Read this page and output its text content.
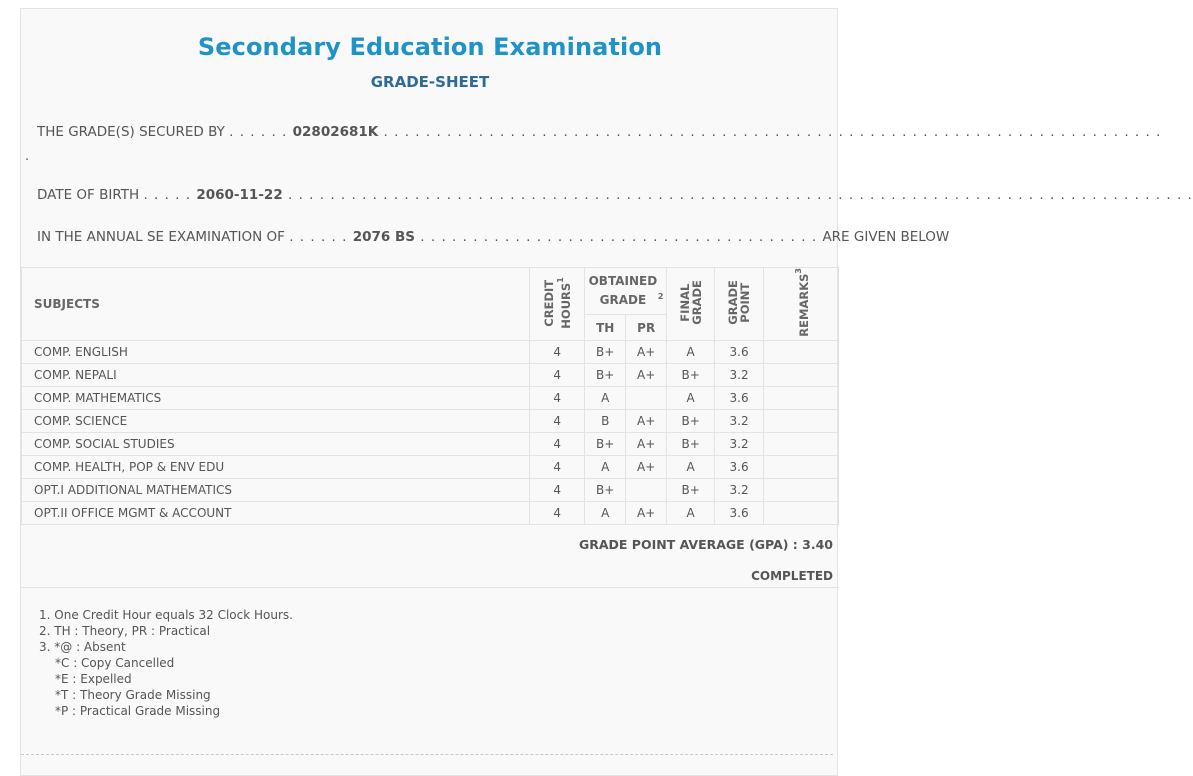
Secondary Education Examination
GRADE-SHEET
THE GRADE(S) SECURED BY . . . . . . 02802681K . . . . . . . . . . . . . . . . . . . . . . . . . . . . . . . . . . . . . . . . . . . . . . . . . . . . . . . . . . . . . . . . . . . . . . . . . .
.
DATE OF BIRTH . . . . . 2060-11-22 . . . . . . . . . . . . . . . . . . . . . . . . . . . . . . . . . . . . . . . . . . . . . . . . . . . . . . . . . . . . . . . . . . . . . . . . . . . . . . . . . . . . . .
IN THE ANNUAL SE EXAMINATION OF . . . . . . 2076 BS . . . . . . . . . . . . . . . . . . . . . . . . . . . . . . . . . . . . . . ARE GIVEN BELOW
SUBJECTS	CREDIT HOURS$^1$	OBTAINED GRADE $^2$		FINAL GRADE	GRADE POINT	REMARKS$^3$
		TH	PR			
COMP. ENGLISH	4	B+	A+	A	3.6	
COMP. NEPALI	4	B+	A+	B+	3.2	
COMP. MATHEMATICS	4	A		A	3.6	
COMP. SCIENCE	4	B	A+	B+	3.2	
COMP. SOCIAL STUDIES	4	B+	A+	B+	3.2	
COMP. HEALTH, POP & ENV EDU	4	A	A+	A	3.6	
OPT.I ADDITIONAL MATHEMATICS	4	B+		B+	3.2	
OPT.II OFFICE MGMT & ACCOUNT	4	A	A+	A	3.6	
GRADE POINT AVERAGE (GPA) : 3.40
COMPLETED
1. One Credit Hour equals 32 Clock Hours.
2. TH : Theory, PR : Practical
3. *@ : Absent
*C : Copy Cancelled
*E : Expelled
*T : Theory Grade Missing
*P : Practical Grade Missing
